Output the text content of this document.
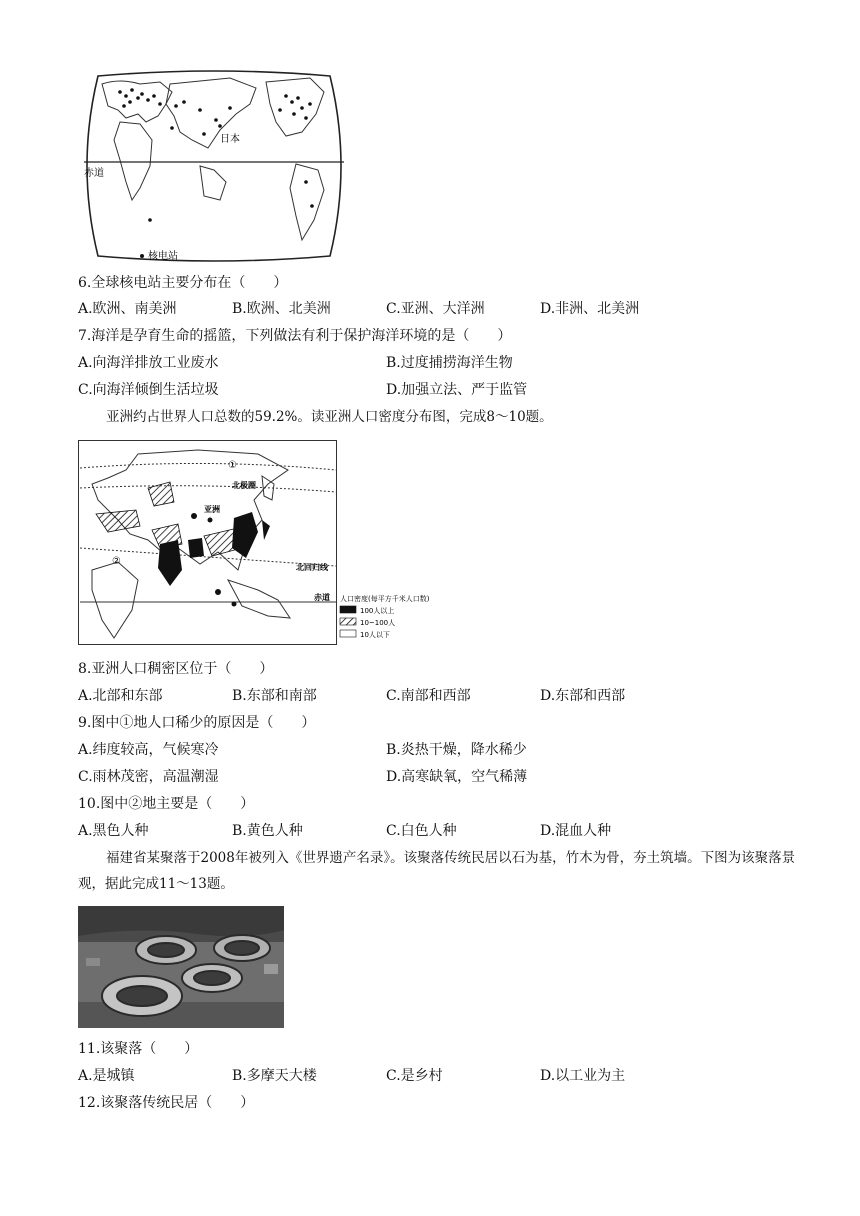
日本
赤道
核电站
6.全球核电站主要分布在（　　）
A.欧洲、南美洲	B.欧洲、北美洲	C.亚洲、大洋洲	D.非洲、北美洲
7.海洋是孕育生命的摇篮，下列做法有利于保护海洋环境的是（　　）
A.向海洋排放工业废水	B.过度捕捞海洋生物
C.向海洋倾倒生活垃圾	D.加强立法、严于监管
亚洲约占世界人口总数的59.2%。读亚洲人口密度分布图，完成8～10题。
①
②
北极圈
亚洲
北回归线
赤道 人口密度(每平方千米人口数)
100人以上
10~100人
10人以下
8.亚洲人口稠密区位于（　　）
A.北部和东部	B.东部和南部	C.南部和西部	D.东部和西部
9.图中①地人口稀少的原因是（　　）
A.纬度较高，气候寒冷	B.炎热干燥，降水稀少
C.雨林茂密，高温潮湿	D.高寒缺氧，空气稀薄
10.图中②地主要是（　　）
A.黑色人种	B.黄色人种	C.白色人种	D.混血人种
福建省某聚落于2008年被列入《世界遗产名录》。该聚落传统民居以石为基，竹木为骨，夯土筑墙。下图为该聚落景观，据此完成11～13题。
11.该聚落（　　）
A.是城镇	B.多摩天大楼	C.是乡村	D.以工业为主
12.该聚落传统民居（　　）
